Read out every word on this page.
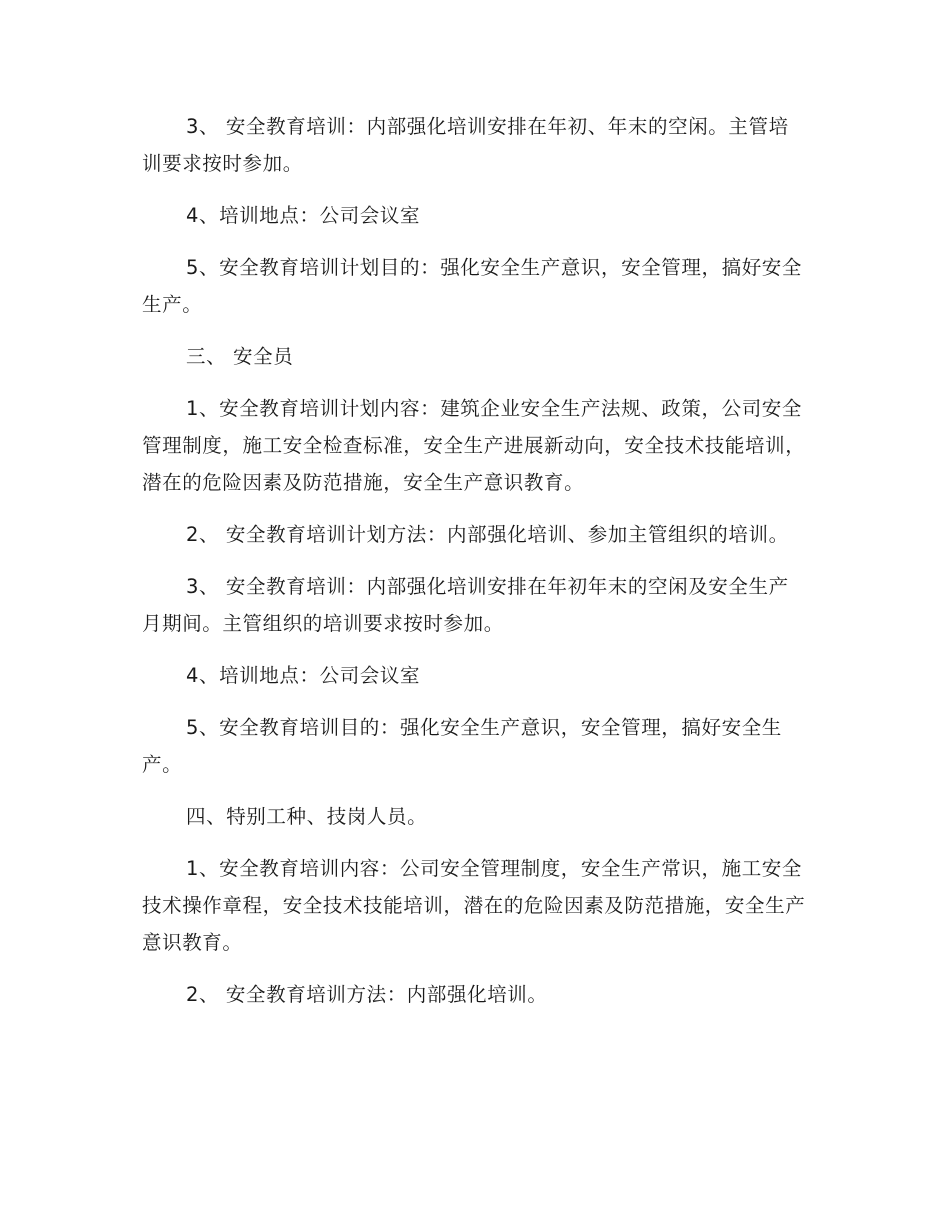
3、 安全教育培训：内部强化培训安排在年初、年末的空闲。主管培训要求按时参加。

4、培训地点：公司会议室

5、安全教育培训计划目的：强化安全生产意识，安全管理，搞好安全生产。

三、 安全员

1、安全教育培训计划内容：建筑企业安全生产法规、政策，公司安全管理制度，施工安全检查标准，安全生产进展新动向，安全技术技能培训，潜在的危险因素及防范措施，安全生产意识教育。

2、 安全教育培训计划方法：内部强化培训、参加主管组织的培训。

3、 安全教育培训：内部强化培训安排在年初年末的空闲及安全生产月期间。主管组织的培训要求按时参加。

4、培训地点：公司会议室

5、安全教育培训目的：强化安全生产意识，安全管理，搞好安全生产。

四、特别工种、技岗人员。

1、安全教育培训内容：公司安全管理制度，安全生产常识，施工安全技术操作章程，安全技术技能培训，潜在的危险因素及防范措施，安全生产意识教育。

2、 安全教育培训方法：内部强化培训。
